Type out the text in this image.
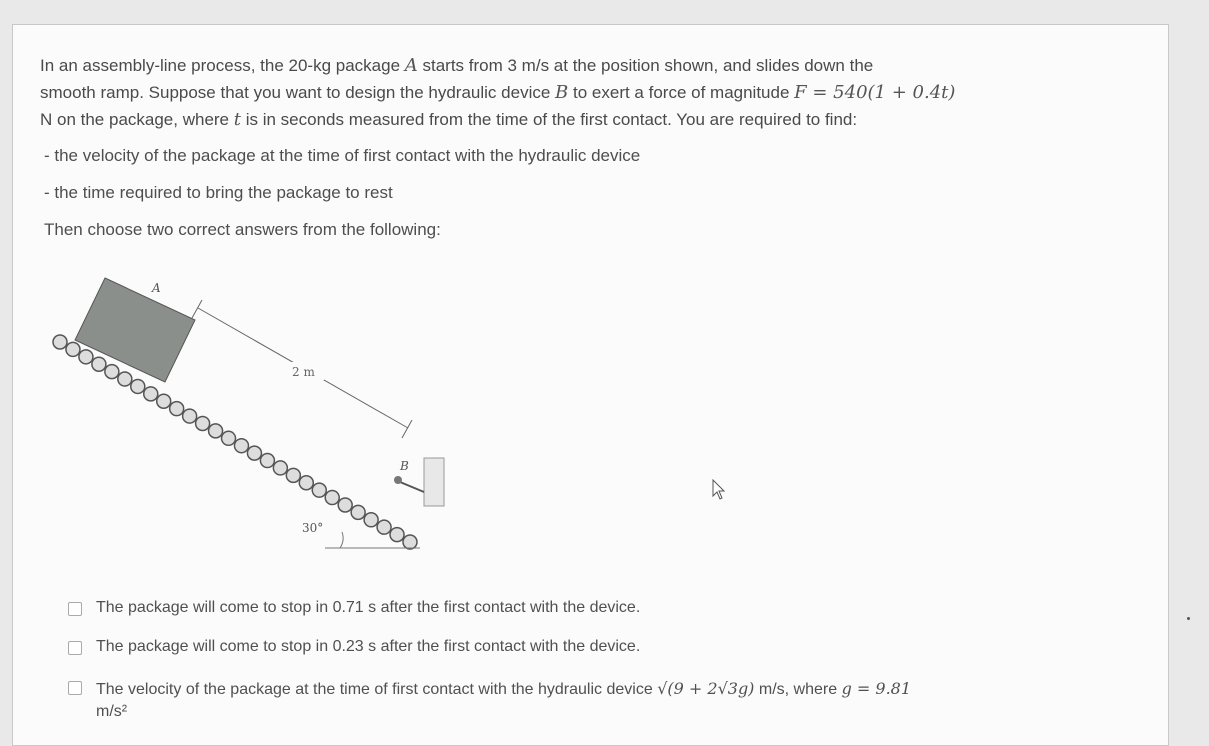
In an assembly-line process, the 20-kg package A starts from 3 m/s at the position shown, and slides down the

smooth ramp. Suppose that you want to design the hydraulic device B to exert a force of magnitude F = 540(1 + 0.4t)

N on the package, where t is in seconds measured from the time of the first contact. You are required to find:

- the velocity of the package at the time of first contact with the hydraulic device
- the time required to bring the package to rest
Then choose two correct answers from the following:
A
2 m
B
30°
The package will come to stop in 0.71 s after the first contact with the device.
The package will come to stop in 0.23 s after the first contact with the device.
The velocity of the package at the time of first contact with the hydraulic device √(9 + 2√3g) m/s, where g = 9.81
m/s²
